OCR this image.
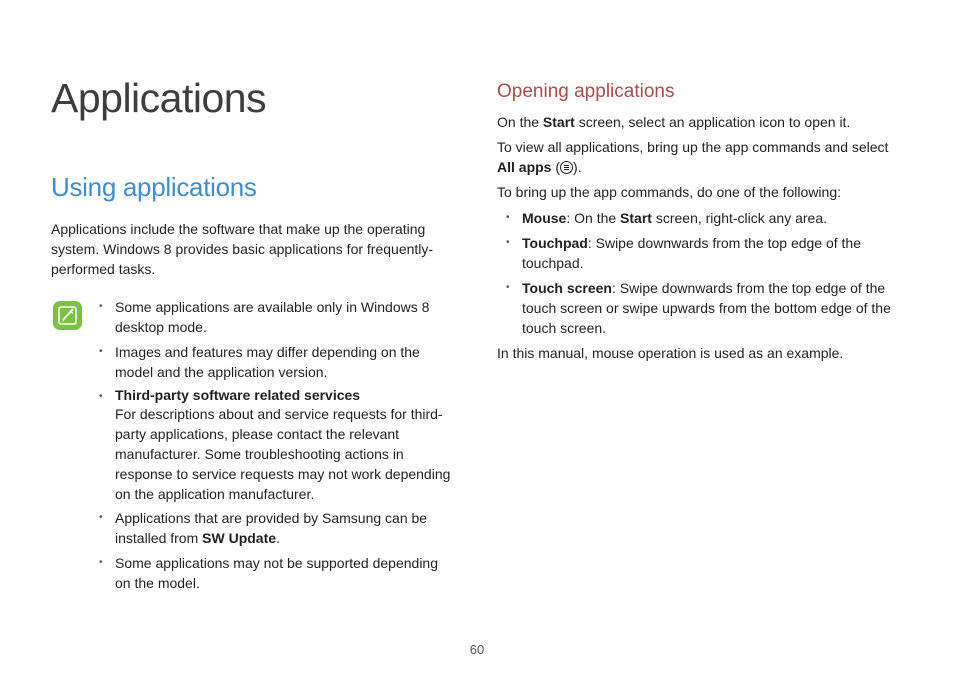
Applications
Using applications

Applications include the software that make up the operating system. Windows 8 provides basic applications for frequently-performed tasks.

• Some applications are available only in Windows 8 desktop mode.
• Images and features may differ depending on the model and the application version.
• Third-party software related services
For descriptions about and service requests for third-party applications, please contact the relevant manufacturer. Some troubleshooting actions in response to service requests may not work depending on the application manufacturer.
• Applications that are provided by Samsung can be installed from SW Update.
• Some applications may not be supported depending on the model.
Opening applications

On the Start screen, select an application icon to open it.

To view all applications, bring up the app commands and select All apps ( ).

To bring up the app commands, do one of the following:

• Mouse: On the Start screen, right-click any area.
• Touchpad: Swipe downwards from the top edge of the touchpad.
• Touch screen: Swipe downwards from the top edge of the touch screen or swipe upwards from the bottom edge of the touch screen.

In this manual, mouse operation is used as an example.

60
